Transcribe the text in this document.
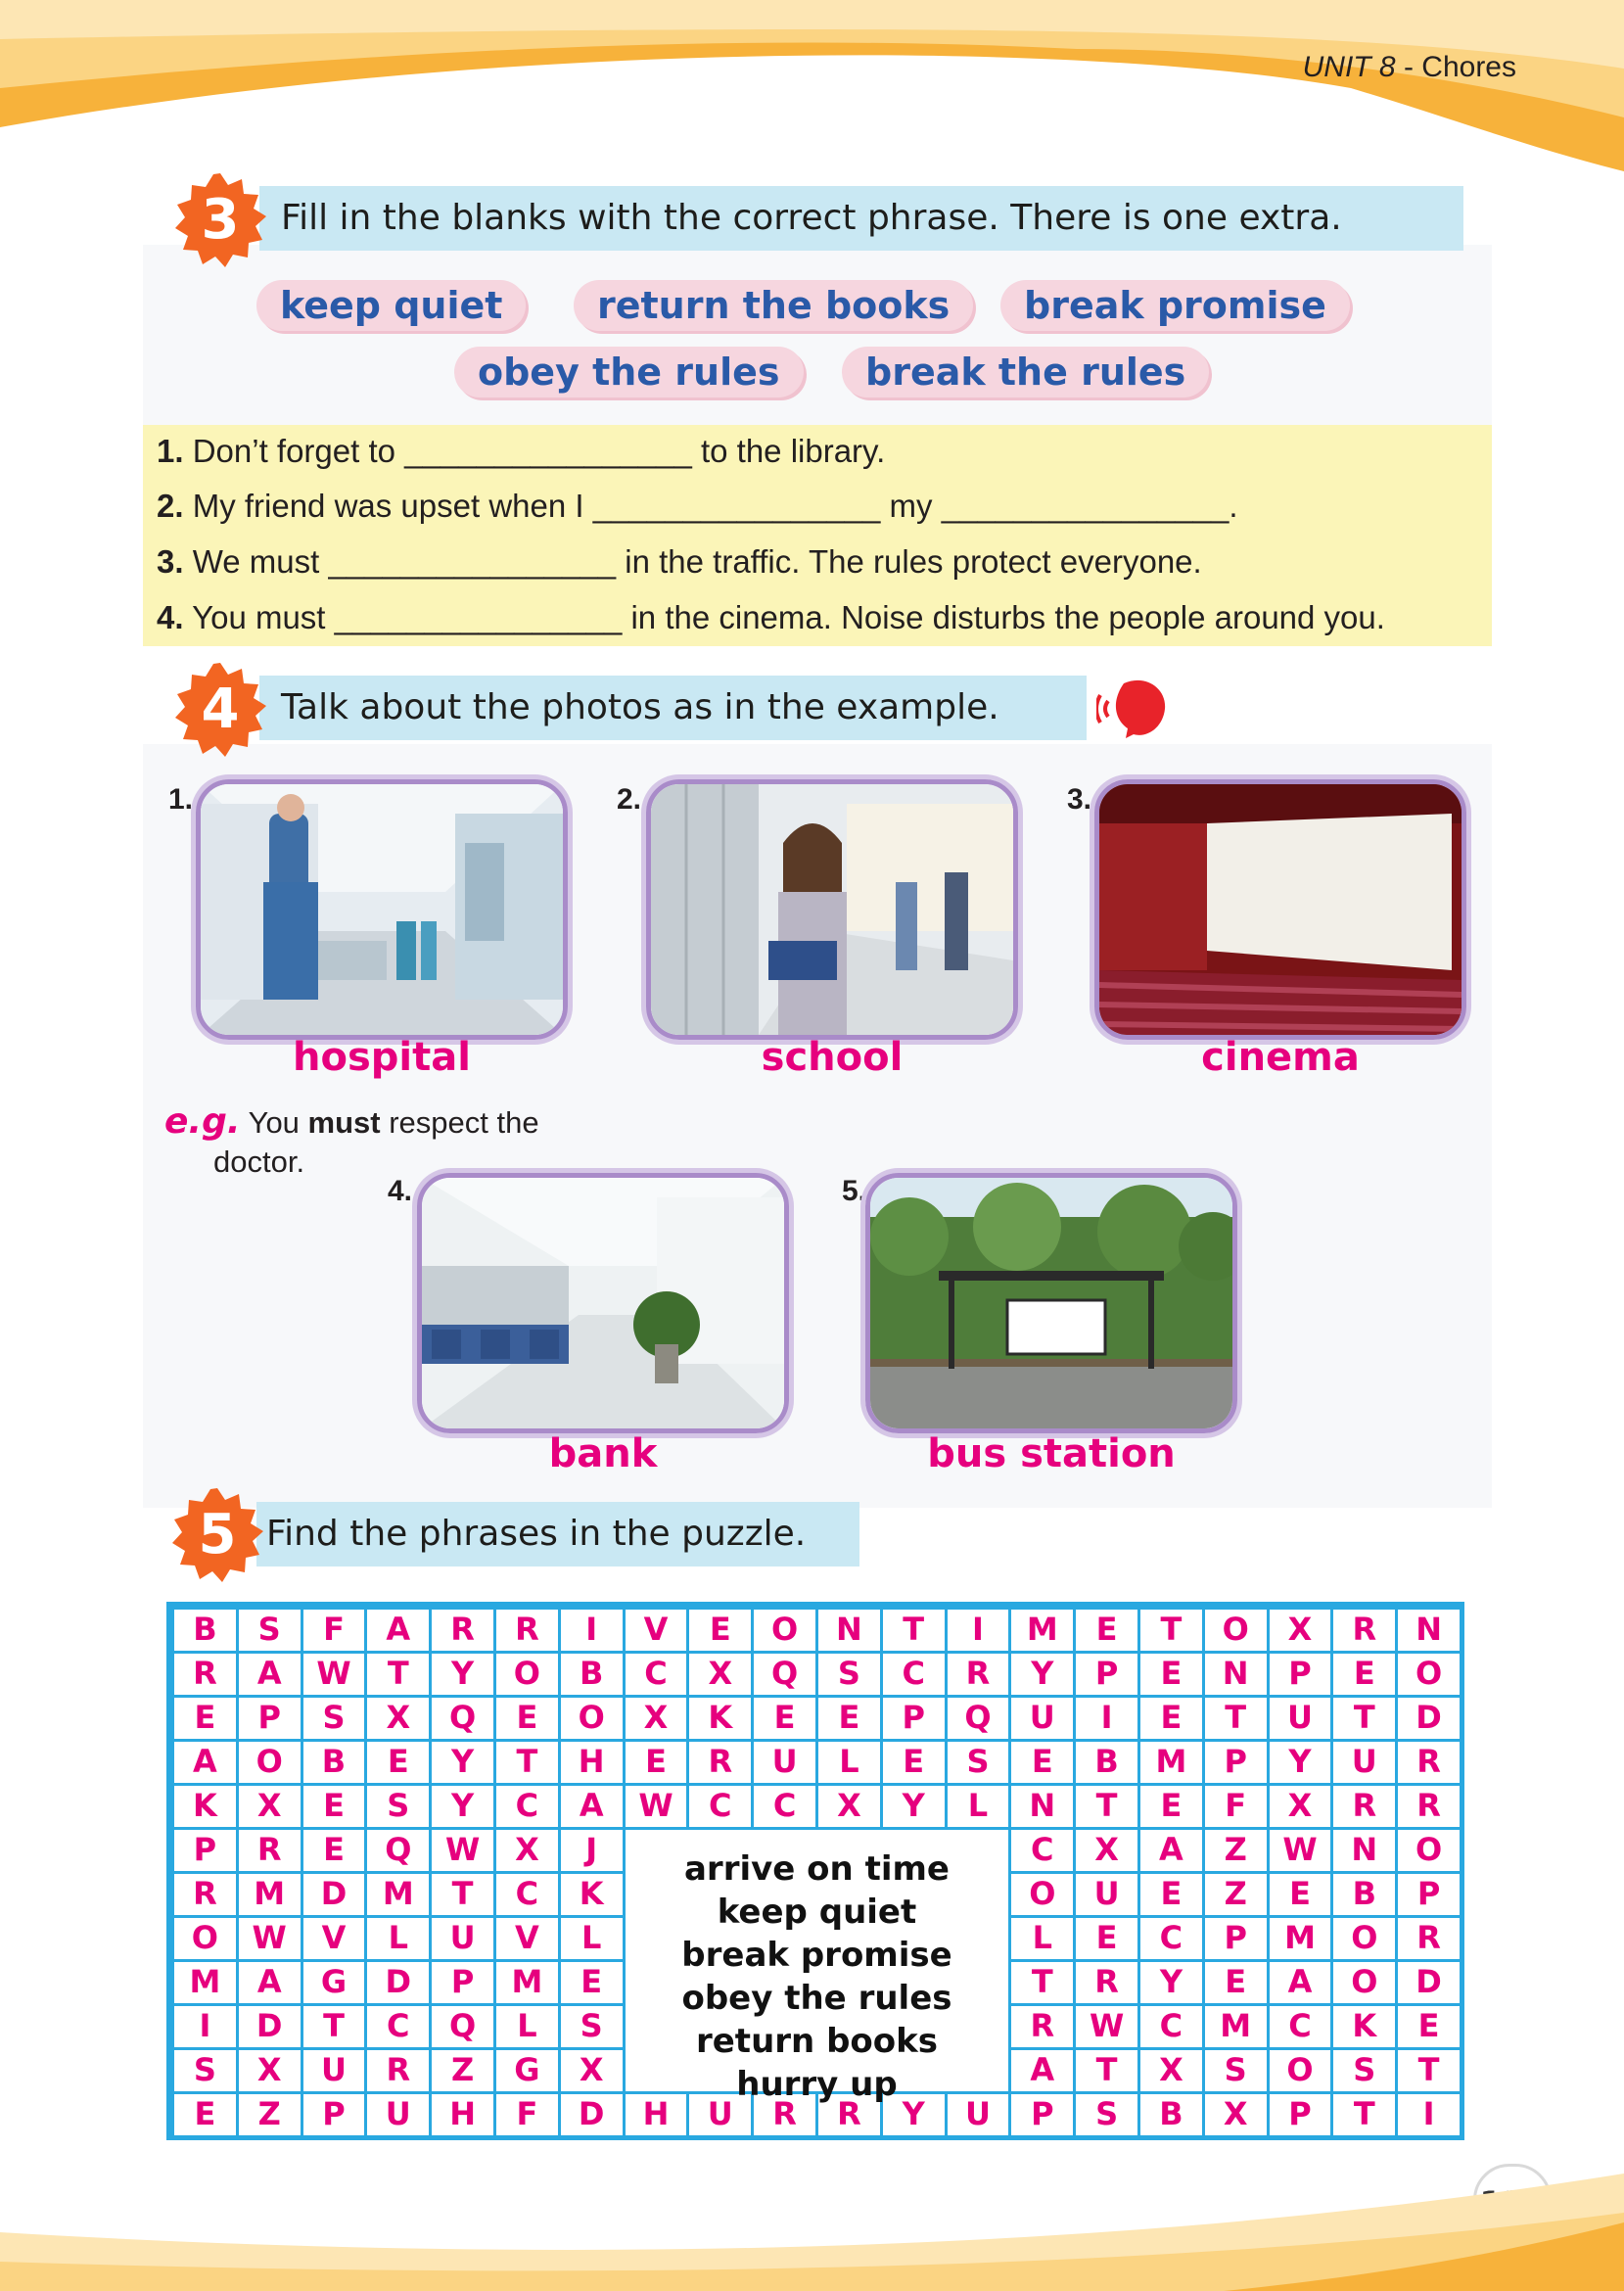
UNIT 8 - Chores
Fill in the blanks with the correct phrase. There is one extra.
3
keep quiet	return the books	break promise
obey the rules	break the rules
1. Don’t forget to ________________ to the library.
2. My friend was upset when I ________________ my ________________.
3. We must ________________ in the traffic. The rules protect everyone.
4. You must ________________ in the cinema. Noise disturbs the people around you.
Talk about the photos as in the example.
4
1.
hospital
2.
school
3.
cinema
e.g. You must respect the
doctor.
4.
bank
5.
bus station
Find the phrases in the puzzle.
5
B	S	F	A	R	R	I	V	E	O	N	T	I	M	E	T	O	X	R	N
R	A	W	T	Y	O	B	C	X	Q	S	C	R	Y	P	E	N	P	E	O
E	P	S	X	Q	E	O	X	K	E	E	P	Q	U	I	E	T	U	T	D
A	O	B	E	Y	T	H	E	R	U	L	E	S	E	B	M	P	Y	U	R
K	X	E	S	Y	C	A	W	C	C	X	Y	L	N	T	E	F	X	R	R
P	R	E	Q	W	X	J	C	X	A	Z	W	N	O
R	M	D	M	T	C	K	O	U	E	Z	E	B	P
O	W	V	L	U	V	L	L	E	C	P	M	O	R
M	A	G	D	P	M	E	T	R	Y	E	A	O	D
I	D	T	C	Q	L	S	R	W	C	M	C	K	E
S	X	U	R	Z	G	X	A	T	X	S	O	S	T
E	Z	P	U	H	F	D	H	U	R	R	Y	U	P	S	B	X	P	T	I
arrive on time
keep quiet
break promise
obey the rules
return books
hurry up
